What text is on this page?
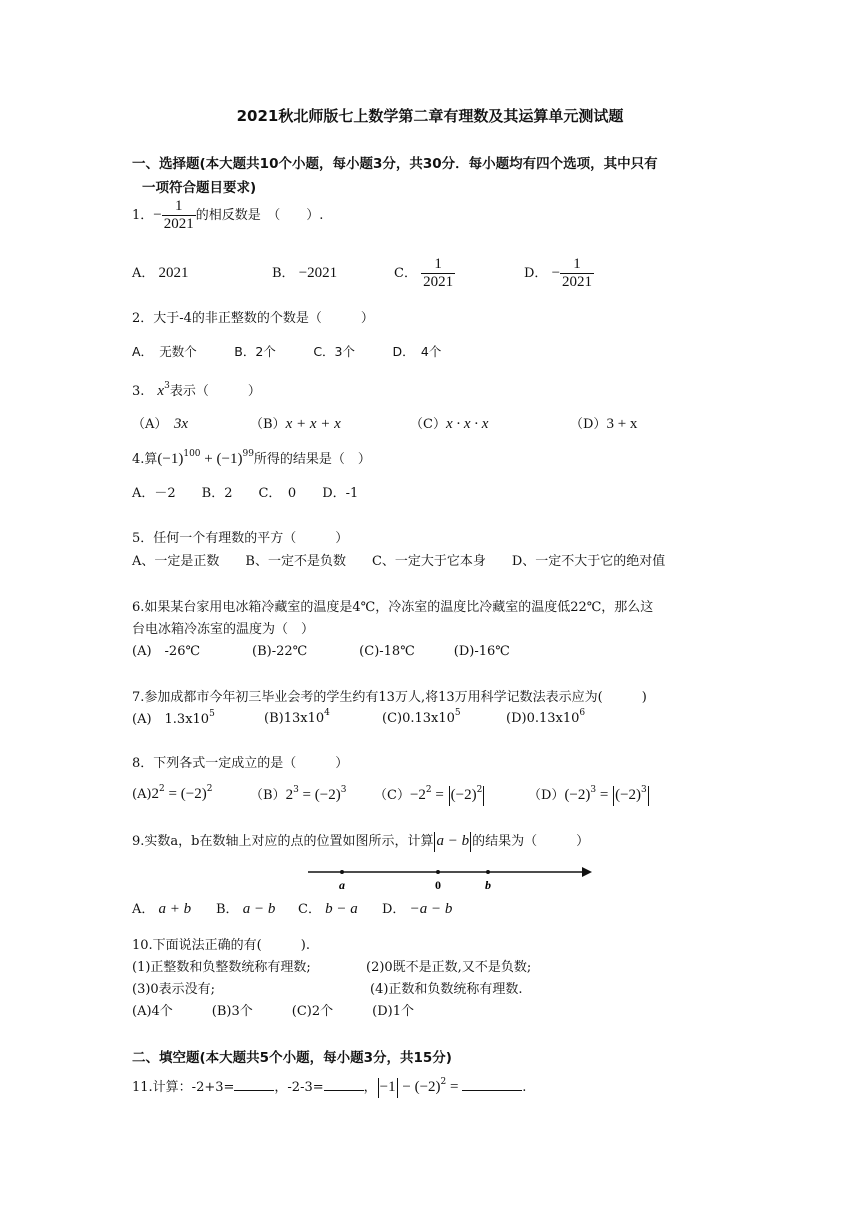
2021秋北师版七上数学第二章有理数及其运算单元测试题
一、选择题(本大题共10个小题，每小题3分，共30分．每小题均有四个选项，其中只有
一项符合题目要求)
1．− $\frac{1}{2021}$ 的相反数是　（　　）.
A． 2021	B． −2021	C． $\frac{1}{2021}$	D． − $\frac{1}{2021}$
2．大于-4的非正整数的个数是（　　　）
A．　无数个　　　B．2个　　　C．3个　　　D．　4个
3.　$x^3$表示（　　　）
（A）　 3x	（B）x + x + x	（C）x · x · x	（D）3 + x
4.算$(-1)^{100} + (-1)^{99}$所得的结果是（　）
A．－2　　B．2　　C．　0　　D．-1
5．任何一个有理数的平方（　　　）
A、一定是正数　　B、一定不是负数　　C、一定大于它本身　　D、一定不大于它的绝对值
6.如果某台家用电冰箱冷藏室的温度是4℃，冷冻室的温度比冷藏室的温度低22℃，那么这
台电冰箱冷冻室的温度为（　）
(A)　-26℃　　　　(B)-22℃　　　　(C)-18℃　　　(D)-16℃
7.参加成都市今年初三毕业会考的学生约有13万人,将13万用科学记数法表示应为(　　　)
(A)　$1.3x10^5$	$(B)13x10^4$	$(C)0.13x10^5$	$(D)0.13x10^6$
8．下列各式一定成立的是（　　　）
$(A)2^2 = (-2)^2$	$(B)2^3 = (-2)^3$ $(C)-2^2 = (-2)^2$	$(D)(-2)^3 = (-2)^3$
9.实数a，b在数轴上对应的点的位置如图所示，计算 a − b 的结果为（　　　）
a	0	b
A． a + b B． a − b C． b − a D． −a − b
10.下面说法正确的有(　　　).
(1)正整数和负整数统称有理数;	(2)0既不是正数,又不是负数;
(3)0表示没有;	(4)正数和负数统称有理数.
(A)4个　　　(B)3个　　　(C)2个　　　(D)1个
二、填空题(本大题共5个小题，每小题3分，共15分)
11.计算：-2+3=	，-2-3=	， $-1 - (-2)^2$ =	.
